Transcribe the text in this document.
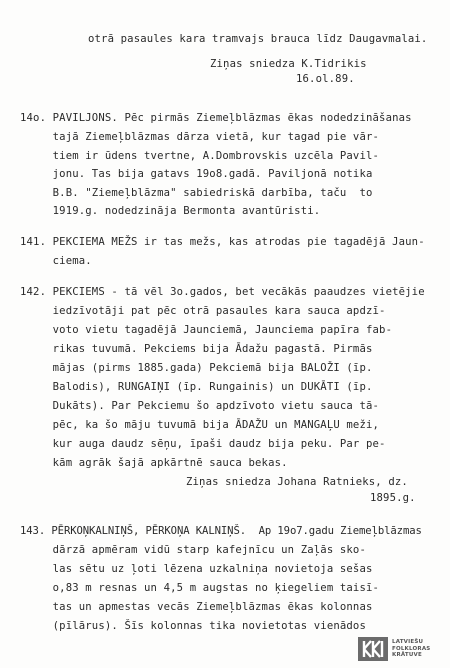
otrā pasaules kara tramvajs brauca līdz Daugavmalai.
Ziņas sniedza K.Tidrikis
16.ol.89.
14o. PAVILJONS. Pēc pirmās Ziemeļblāzmas ēkas nodedzināšanas
tajā Ziemeļblāzmas dārza vietā, kur tagad pie vār-
tiem ir ūdens tvertne, A.Dombrovskis uzcēla Pavil-
jonu. Tas bija gatavs 19o8.gadā. Paviljonā notika
B.B. "Ziemeļblāzma" sabiedriskā darbība, taču  to
1919.g. nodedzināja Bermonta avantūristi.
141. PEKCIEMA MEŽS ir tas mežs, kas atrodas pie tagadējā Jaun-
ciema.
142. PEKCIEMS - tā vēl 3o.gados, bet vecākās paaudzes vietējie
iedzīvotāji pat pēc otrā pasaules kara sauca apdzī-
voto vietu tagadējā Jaunciemā, Jaunciema papīra fab-
rikas tuvumā. Pekciems bija Ādažu pagastā. Pirmās
mājas (pirms 1885.gada) Pekciemā bija BALOŽI (īp.
Balodis), RUNGAIŅI (īp. Rungainis) un DUKĀTI (īp.
Dukāts). Par Pekciemu šo apdzīvoto vietu sauca tā-
pēc, ka šo māju tuvumā bija ĀDAŽU un MANGAĻU meži,
kur auga daudz sēņu, īpaši daudz bija peku. Par pe-
kām agrāk šajā apkārtnē sauca bekas.
Ziņas sniedza Johana Ratnieks, dz.
1895.g.
143. PĒRKOŅKALNIŅŠ, PĒRKOŅA KALNIŅŠ.  Ap 19o7.gadu Ziemeļblāzmas
dārzā apmēram vidū starp kafejnīcu un Zaļās sko-
las sētu uz ļoti lēzena uzkalniņa novietoja sešas
o,83 m resnas un 4,5 m augstas no ķiegeliem taisī-
tas un apmestas vecās Ziemeļblāzmas ēkas kolonnas
(pīlārus). Šīs kolonnas tika novietotas vienādos
LATVIEŠU
FOLKLORAS
KRĀTUVE
